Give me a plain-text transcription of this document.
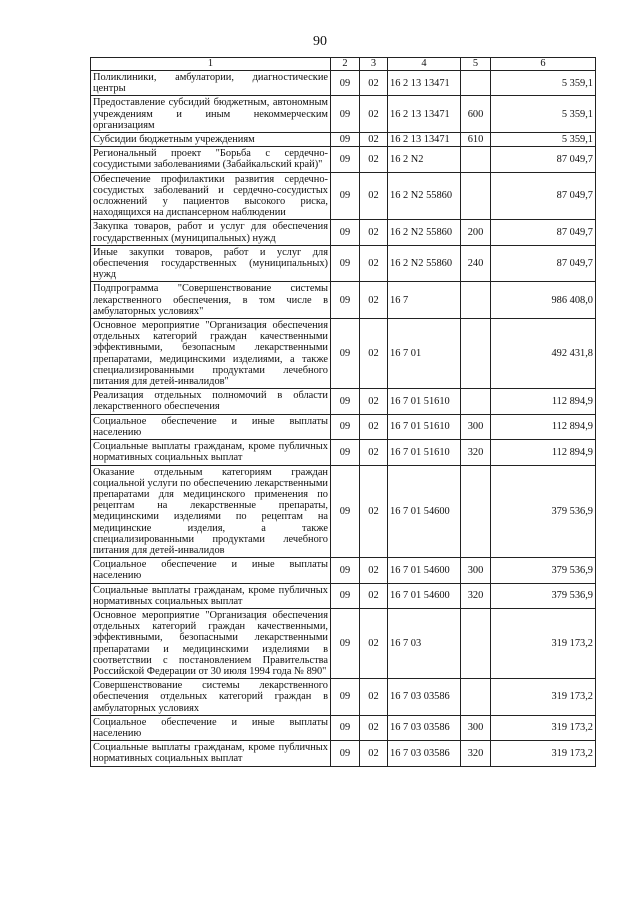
90
1	2	3	4	5	6
Поликлиники, амбулатории, диагностические центры	09	02	16 2 13 13471		5 359,1
Предоставление субсидий бюджетным, автономным учреждениям и иным некоммерческим организациям	09	02	16 2 13 13471	600	5 359,1
Субсидии бюджетным учреждениям	09	02	16 2 13 13471	610	5 359,1
Региональный проект "Борьба с сердечно-сосудистыми заболеваниями (Забайкальский край)"	09	02	16 2 N2		87 049,7
Обеспечение профилактики развития сердечно-сосудистых заболеваний и сердечно-сосудистых осложнений у пациентов высокого риска, находящихся на диспансерном наблюдении	09	02	16 2 N2 55860		87 049,7
Закупка товаров, работ и услуг для обеспечения государственных (муниципальных) нужд	09	02	16 2 N2 55860	200	87 049,7
Иные закупки товаров, работ и услуг для обеспечения государственных (муниципальных) нужд	09	02	16 2 N2 55860	240	87 049,7
Подпрограмма "Совершенствование системы лекарственного обеспечения, в том числе в амбулаторных условиях"	09	02	16 7		986 408,0
Основное мероприятие "Организация обеспечения отдельных категорий граждан качественными эффективными, безопасным лекарственными препаратами, медицинскими изделиями, а также специализированными продуктами лечебного питания для детей-инвалидов"	09	02	16 7 01		492 431,8
Реализация отдельных полномочий в области лекарственного обеспечения	09	02	16 7 01 51610		112 894,9
Социальное обеспечение и иные выплаты населению	09	02	16 7 01 51610	300	112 894,9
Социальные выплаты гражданам, кроме публичных нормативных социальных выплат	09	02	16 7 01 51610	320	112 894,9
Оказание отдельным категориям граждан социальной услуги по обеспечению лекарственными препаратами для медицинского применения по рецептам на лекарственные препараты, медицинскими изделиями по рецептам на медицинские изделия, а также специализированными продуктами лечебного питания для детей-инвалидов	09	02	16 7 01 54600		379 536,9
Социальное обеспечение и иные выплаты населению	09	02	16 7 01 54600	300	379 536,9
Социальные выплаты гражданам, кроме публичных нормативных социальных выплат	09	02	16 7 01 54600	320	379 536,9
Основное мероприятие "Организация обеспечения отдельных категорий граждан качественными, эффективными, безопасными лекарственными препаратами и медицинскими изделиями в соответствии с постановлением Правительства Российской Федерации от 30 июля 1994 года № 890"	09	02	16 7 03		319 173,2
Совершенствование системы лекарственного обеспечения отдельных категорий граждан в амбулаторных условиях	09	02	16 7 03 03586		319 173,2
Социальное обеспечение и иные выплаты населению	09	02	16 7 03 03586	300	319 173,2
Социальные выплаты гражданам, кроме публичных нормативных социальных выплат	09	02	16 7 03 03586	320	319 173,2
